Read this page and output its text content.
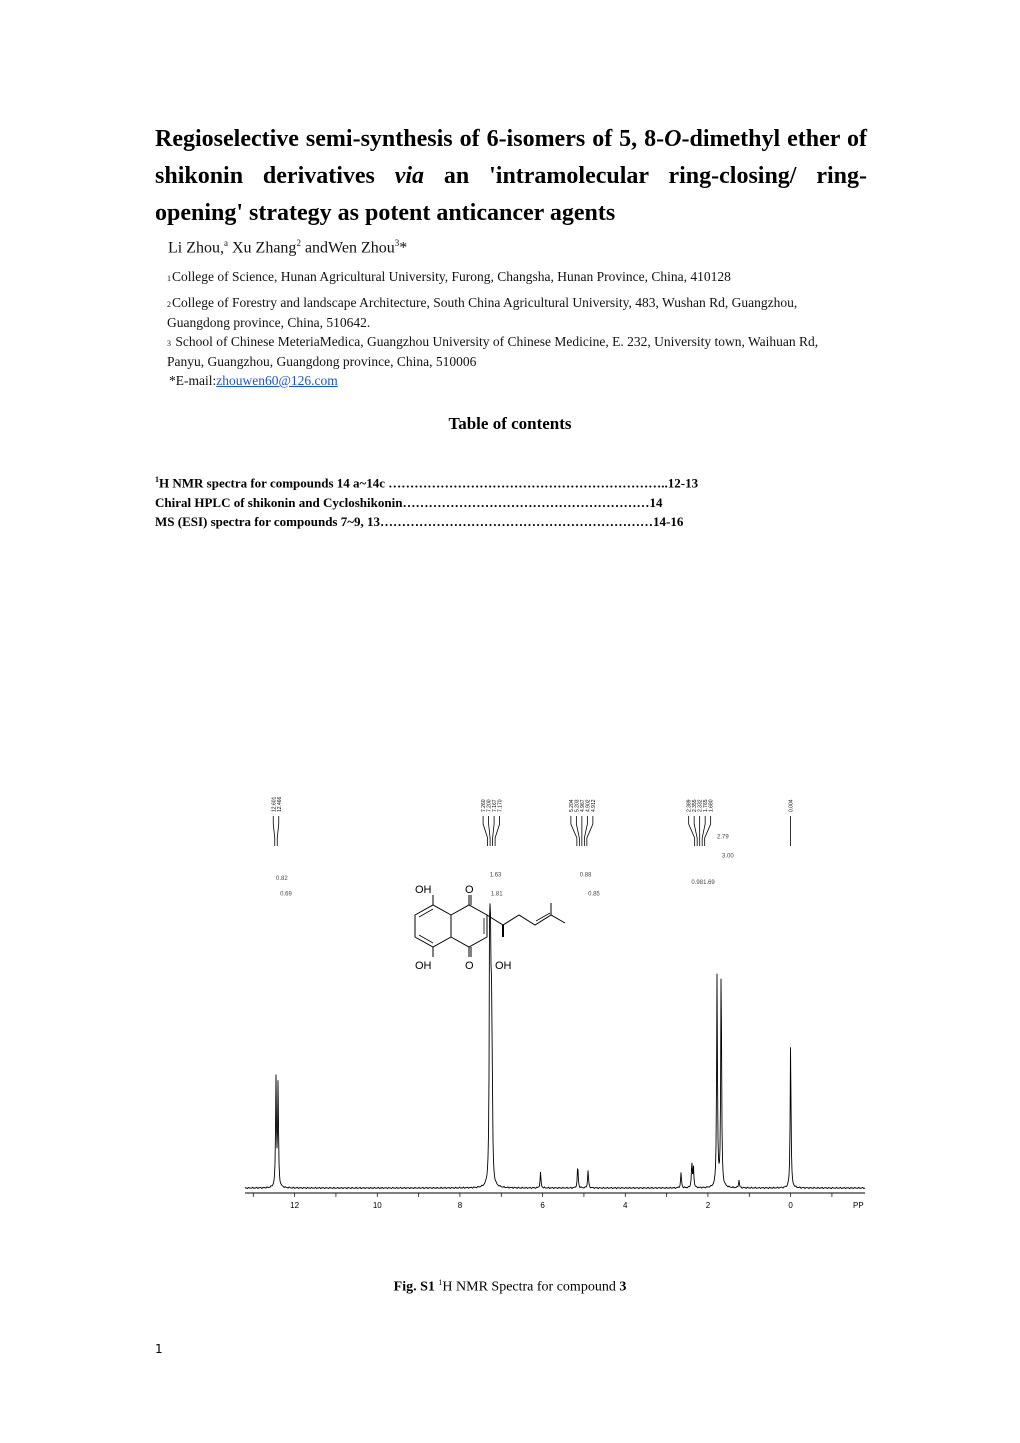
Regioselective semi-synthesis of 6-isomers of 5, 8-O-dimethyl ether of shikonin derivatives via an 'intramolecular ring-closing/ ring-opening' strategy as potent anticancer agents
Li Zhou,$^a$ Xu Zhang$^2$ andWen Zhou$^3$*
1College of Science, Hunan Agricultural University, Furong, Changsha, Hunan Province, China, 410128
2College of Forestry and landscape Architecture, South China Agricultural University, 483, Wushan Rd, Guangzhou, Guangdong province, China, 510642.
3 School of Chinese MeteriaMedica, Guangzhou University of Chinese Medicine, E. 232, University town, Waihuan Rd, Panyu, Guangzhou, Guangdong province, China, 510006
*E-mail:zhouwen60@126.com
Table of contents
$^1$H NMR spectra for compounds 14 a~14c ………………………………………………………..12-13
Chiral HPLC of shikonin and Cycloshikonin…………………………………………………14
MS (ESI) spectra for compounds 7~9, 13………………………………………………………14-16
12.601 12.466	7.260 7.200 7.167 7.170	5.204 5.203 4.967 4.902 4.912	2.389 2.355 2.332 1.765 1.680	0.004
OH	O
OH	O OH
0.82
0.69
1.63
1.81
0.88
0.85
0.981.69
2.79
3.00
12	10	8	6	4	2	0	PP
Fig. S1 $^1$H NMR Spectra for compound 3
1
